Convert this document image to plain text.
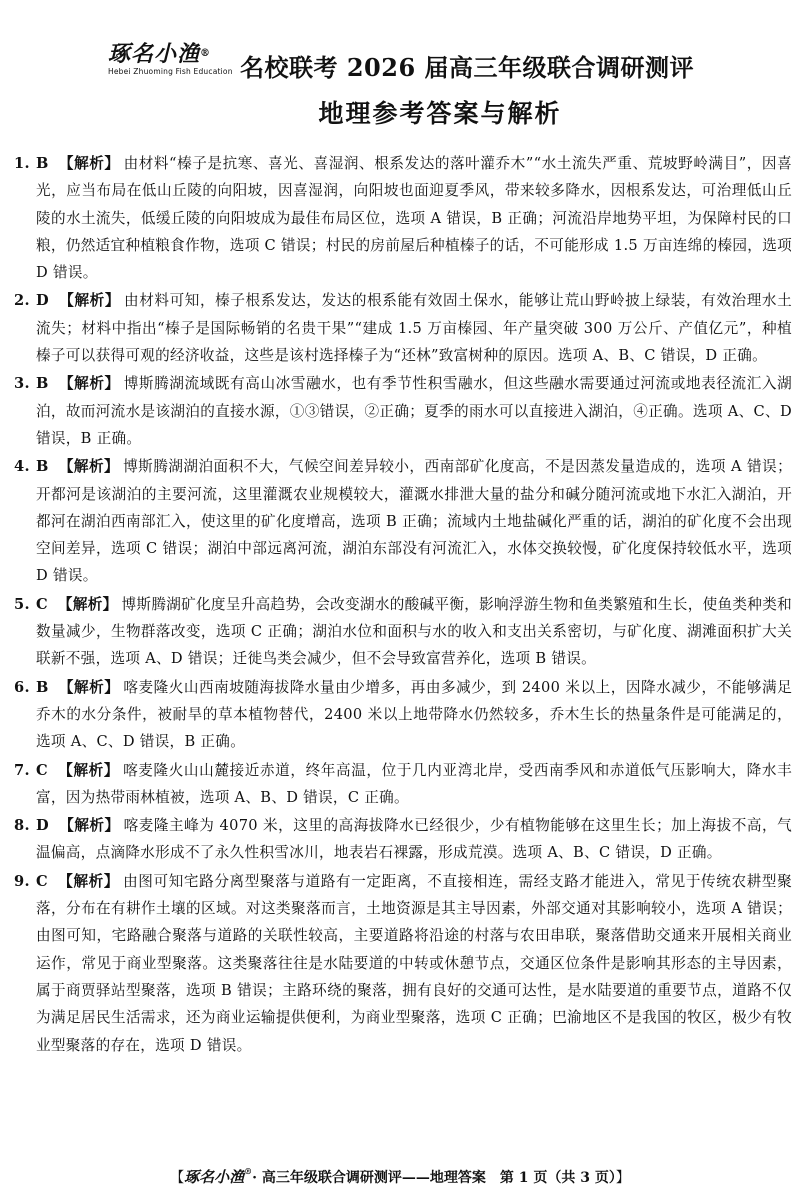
琢名小渔®
Hebei Zhuoming Fish Education 名校联考 2026 届高三年级联合调研测评
地理参考答案与解析
1. B 【解析】 由材料“榛子是抗寒、喜光、喜湿润、根系发达的落叶灌乔木”“水土流失严重、荒坡野岭满目”，因喜光，应当布局在低山丘陵的向阳坡，因喜湿润，向阳坡也面迎夏季风，带来较多降水，因根系发达，可治理低山丘陵的水土流失，低缓丘陵的向阳坡成为最佳布局区位，选项 A 错误，B 正确；河流沿岸地势平坦，为保障村民的口粮，仍然适宜种植粮食作物，选项 C 错误；村民的房前屋后种植榛子的话，不可能形成 1.5 万亩连绵的榛园，选项 D 错误。
2. D 【解析】 由材料可知，榛子根系发达，发达的根系能有效固土保水，能够让荒山野岭披上绿装，有效治理水土流失；材料中指出“榛子是国际畅销的名贵干果”“建成 1.5 万亩榛园、年产量突破 300 万公斤、产值亿元”，种植榛子可以获得可观的经济收益，这些是该村选择榛子为“还林”致富树种的原因。选项 A、B、C 错误，D 正确。
3. B 【解析】 博斯腾湖流域既有高山冰雪融水，也有季节性积雪融水，但这些融水需要通过河流或地表径流汇入湖泊，故而河流水是该湖泊的直接水源，①③错误，②正确；夏季的雨水可以直接进入湖泊，④正确。选项 A、C、D 错误，B 正确。
4. B 【解析】 博斯腾湖湖泊面积不大，气候空间差异较小，西南部矿化度高，不是因蒸发量造成的，选项 A 错误；开都河是该湖泊的主要河流，这里灌溉农业规模较大，灌溉水排泄大量的盐分和碱分随河流或地下水汇入湖泊，开都河在湖泊西南部汇入，使这里的矿化度增高，选项 B 正确；流域内土地盐碱化严重的话，湖泊的矿化度不会出现空间差异，选项 C 错误；湖泊中部远离河流，湖泊东部没有河流汇入，水体交换较慢，矿化度保持较低水平，选项 D 错误。
5. C 【解析】 博斯腾湖矿化度呈升高趋势，会改变湖水的酸碱平衡，影响浮游生物和鱼类繁殖和生长，使鱼类种类和数量减少，生物群落改变，选项 C 正确；湖泊水位和面积与水的收入和支出关系密切，与矿化度、湖滩面积扩大关联新不强，选项 A、D 错误；迁徙鸟类会减少，但不会导致富营养化，选项 B 错误。
6. B 【解析】 喀麦隆火山西南坡随海拔降水量由少增多，再由多减少，到 2400 米以上，因降水减少，不能够满足乔木的水分条件，被耐旱的草本植物替代，2400 米以上地带降水仍然较多，乔木生长的热量条件是可能满足的，选项 A、C、D 错误，B 正确。
7. C 【解析】 喀麦隆火山山麓接近赤道，终年高温，位于几内亚湾北岸，受西南季风和赤道低气压影响大，降水丰富，因为热带雨林植被，选项 A、B、D 错误，C 正确。
8. D 【解析】 喀麦隆主峰为 4070 米，这里的高海拔降水已经很少，少有植物能够在这里生长；加上海拔不高，气温偏高，点滴降水形成不了永久性积雪冰川，地表岩石裸露，形成荒漠。选项 A、B、C 错误，D 正确。
9. C 【解析】 由图可知宅路分离型聚落与道路有一定距离，不直接相连，需经支路才能进入，常见于传统农耕型聚落，分布在有耕作土壤的区域。对这类聚落而言，土地资源是其主导因素，外部交通对其影响较小，选项 A 错误；由图可知，宅路融合聚落与道路的关联性较高，主要道路将沿途的村落与农田串联，聚落借助交通来开展相关商业运作，常见于商业型聚落。这类聚落往往是水陆要道的中转或休憩节点，交通区位条件是影响其形态的主导因素，属于商贾驿站型聚落，选项 B 错误；主路环绕的聚落，拥有良好的交通可达性，是水陆要道的重要节点，道路不仅为满足居民生活需求，还为商业运输提供便利，为商业型聚落，选项 C 正确；巴渝地区不是我国的牧区，极少有牧业型聚落的存在，选项 D 错误。
【琢名小渔®· 高三年级联合调研测评——地理答案　第 1 页（共 3 页）】
